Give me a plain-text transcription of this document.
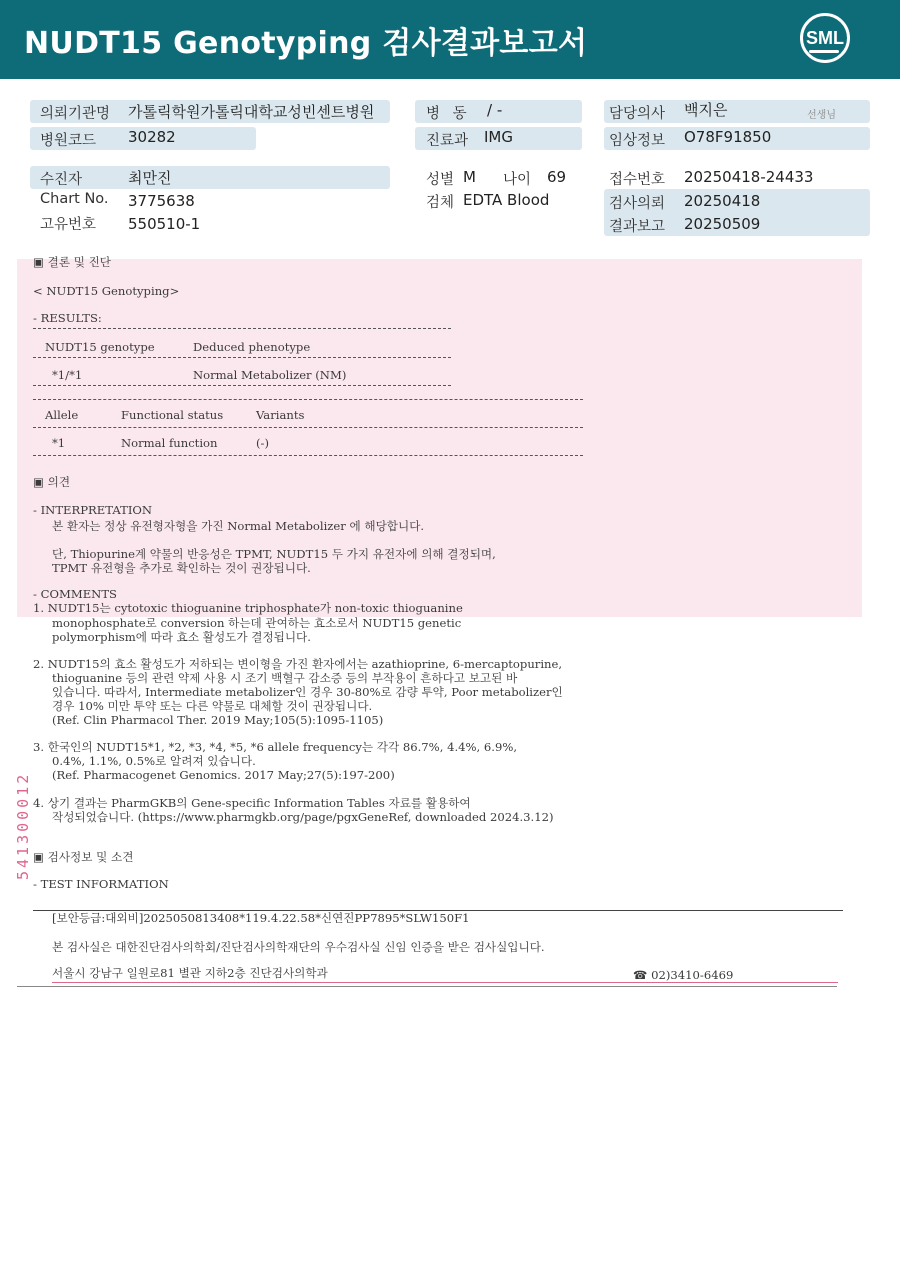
NUDT15 Genotyping 검사결과보고서	SML
의뢰기관명 가톨릭학원가톨릭대학교성빈센트병원
병원코드 30282
병 동 / -
진료과 IMG
담당의사 백지은	선생님
임상정보 O78F91850
수진자	최만진
Chart No. 3775638
고유번호 550510-1
성별 M 나이 69
검체 EDTA Blood
접수번호 20250418-24433
검사의뢰 20250418
결과보고 20250509
▣ 결론 및 진단
< NUDT15 Genotyping>
- RESULTS:
NUDT15 genotype	Deduced phenotype
*1/*1	Normal Metabolizer (NM)
Allele	Functional status	Variants
*1	Normal function	(-)
▣ 의견
- INTERPRETATION
본 환자는 정상 유전형자형을 가진 Normal Metabolizer 에 해당합니다.
단, Thiopurine계 약물의 반응성은 TPMT, NUDT15 두 가지 유전자에 의해 결정되며,
TPMT 유전형을 추가로 확인하는 것이 권장됩니다.
- COMMENTS
1. NUDT15는 cytotoxic thioguanine triphosphate가 non-toxic thioguanine
monophosphate로 conversion 하는데 관여하는 효소로서 NUDT15 genetic
polymorphism에 따라 효소 활성도가 결정됩니다.
2. NUDT15의 효소 활성도가 저하되는 변이형을 가진 환자에서는 azathioprine, 6-mercaptopurine,
thioguanine 등의 관련 약제 사용 시 조기 백혈구 감소증 등의 부작용이 흔하다고 보고된 바
있습니다. 따라서, Intermediate metabolizer인 경우 30-80%로 감량 투약, Poor metabolizer인
경우 10% 미만 투약 또는 다른 약물로 대체할 것이 권장됩니다.
(Ref. Clin Pharmacol Ther. 2019 May;105(5):1095-1105)
3. 한국인의 NUDT15*1, *2, *3, *4, *5, *6 allele frequency는 각각 86.7%, 4.4%, 6.9%,
0.4%, 1.1%, 0.5%로 알려져 있습니다.
(Ref. Pharmacogenet Genomics. 2017 May;27(5):197-200)
4. 상기 결과는 PharmGKB의 Gene-specific Information Tables 자료를 활용하여
작성되었습니다. (https://www.pharmgkb.org/page/pgxGeneRef, downloaded 2024.3.12)
▣ 검사정보 및 소견
- TEST INFORMATION
[보안등급:대외비]2025050813408*119.4.22.58*신연진PP7895*SLW150F1
본 검사실은 대한진단검사의학회/진단검사의학재단의 우수검사실 신임 인증을 받은 검사실입니다.
서울시 강남구 일원로81 별관 지하2층 진단검사의학과	☎ 02)3410-6469
541300012
